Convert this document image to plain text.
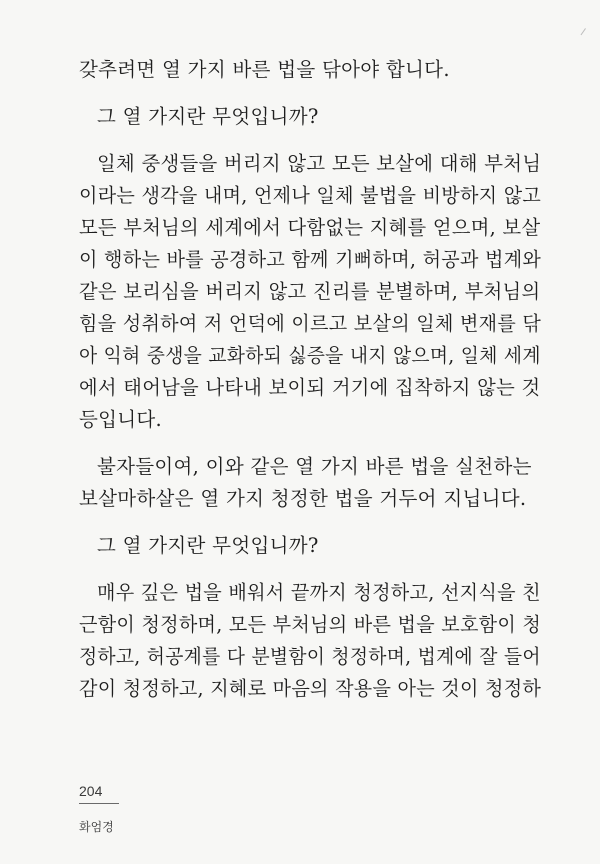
갖추려면 열 가지 바른 법을 닦아야 합니다.
그 열 가지란 무엇입니까?
일체 중생들을 버리지 않고 모든 보살에 대해 부처님
이라는 생각을 내며, 언제나 일체 불법을 비방하지 않고
모든 부처님의 세계에서 다함없는 지혜를 얻으며, 보살
이 행하는 바를 공경하고 함께 기뻐하며, 허공과 법계와
같은 보리심을 버리지 않고 진리를 분별하며, 부처님의
힘을 성취하여 저 언덕에 이르고 보살의 일체 변재를 닦
아 익혀 중생을 교화하되 싫증을 내지 않으며, 일체 세계
에서 태어남을 나타내 보이되 거기에 집착하지 않는 것
등입니다.
불자들이여, 이와 같은 열 가지 바른 법을 실천하는
보살마하살은 열 가지 청정한 법을 거두어 지닙니다.
그 열 가지란 무엇입니까?
매우 깊은 법을 배워서 끝까지 청정하고, 선지식을 친
근함이 청정하며, 모든 부처님의 바른 법을 보호함이 청
정하고, 허공계를 다 분별함이 청정하며, 법계에 잘 들어
감이 청정하고, 지혜로 마음의 작용을 아는 것이 청정하
204
화엄경
